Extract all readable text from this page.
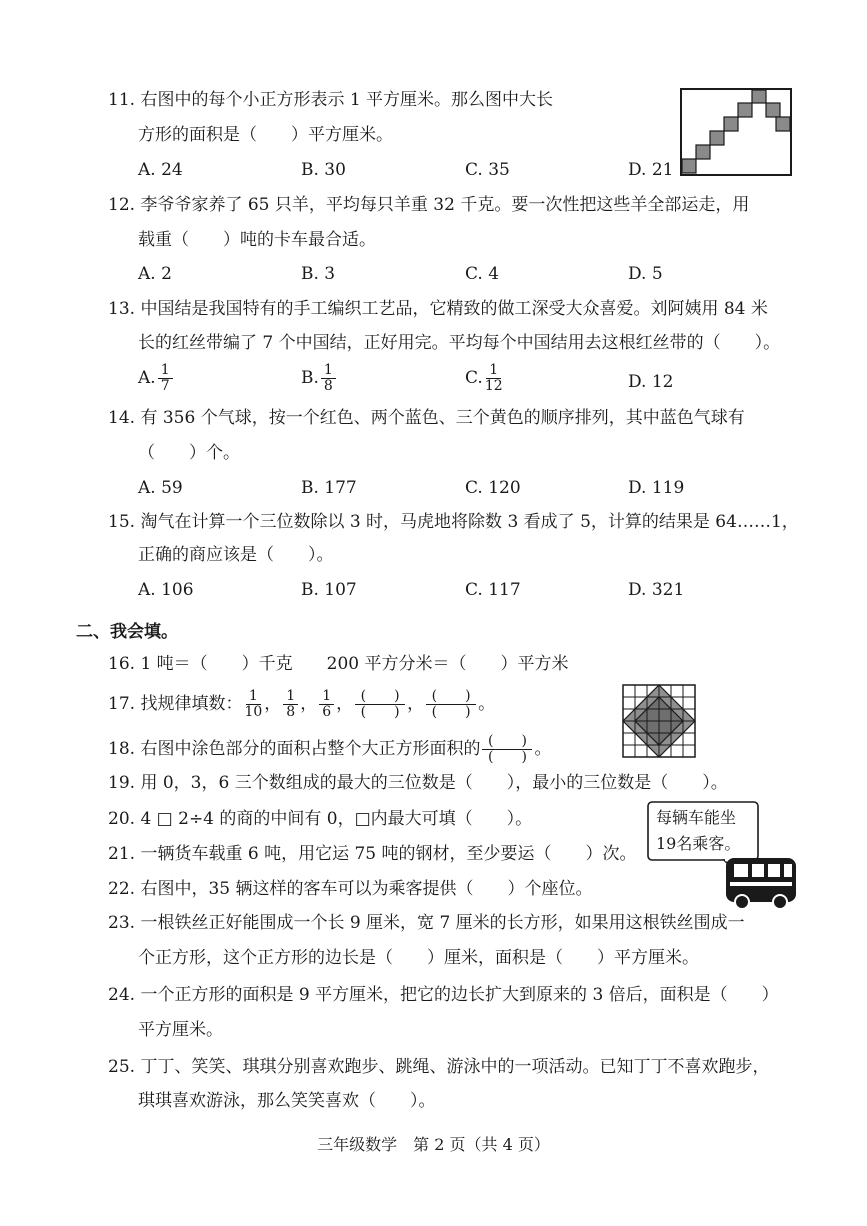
11. 右图中的每个小正方形表示 1 平方厘米。那么图中大长
方形的面积是（　　）平方厘米。
A. 24	B. 30	C. 35	D. 21
12. 李爷爷家养了 65 只羊，平均每只羊重 32 千克。要一次性把这些羊全部运走，用
载重（　　）吨的卡车最合适。
A. 2	B. 3	C. 4	D. 5
13. 中国结是我国特有的手工编织工艺品，它精致的做工深受大众喜爱。刘阿姨用 84 米
长的红丝带编了 7 个中国结，正好用完。平均每个中国结用去这根红丝带的（　　）。
A. $\frac{1}{7}$	B. $\frac{1}{8}$	C. $\frac{1}{12}$	D. 12
14. 有 356 个气球，按一个红色、两个蓝色、三个黄色的顺序排列，其中蓝色气球有
（　　）个。
A. 59	B. 177	C. 120	D. 119
15. 淘气在计算一个三位数除以 3 时，马虎地将除数 3 看成了 5，计算的结果是 64……1，
正确的商应该是（　　）。
A. 106	B. 107	C. 117	D. 321
二、我会填。
16. 1 吨＝（　　）千克　　200 平方分米＝（　　）平方米
17. 找规律填数： $\frac{1}{10}$ ， $\frac{1}{8}$ ， $\frac{1}{6}$ ， $\frac{( )}{( )}$ ， $\frac{( )}{( )}$ 。
18. 右图中涂色部分的面积占整个大正方形面积的 $\frac{( )}{( )}$ 。
19. 用 0，3，6 三个数组成的最大的三位数是（　　），最小的三位数是（　　）。
20. 4 □ 2÷4 的商的中间有 0，□内最大可填（　　）。
21. 一辆货车载重 6 吨，用它运 75 吨的钢材，至少要运（　　）次。
22. 右图中，35 辆这样的客车可以为乘客提供（　　）个座位。
每辆车能坐
19名乘客。
23. 一根铁丝正好能围成一个长 9 厘米，宽 7 厘米的长方形，如果用这根铁丝围成一
个正方形，这个正方形的边长是（　　）厘米，面积是（　　）平方厘米。
24. 一个正方形的面积是 9 平方厘米，把它的边长扩大到原来的 3 倍后，面积是（　　）
平方厘米。
25. 丁丁、笑笑、琪琪分别喜欢跑步、跳绳、游泳中的一项活动。已知丁丁不喜欢跑步，
琪琪喜欢游泳，那么笑笑喜欢（　　）。
三年级数学　第 2 页（共 4 页）
